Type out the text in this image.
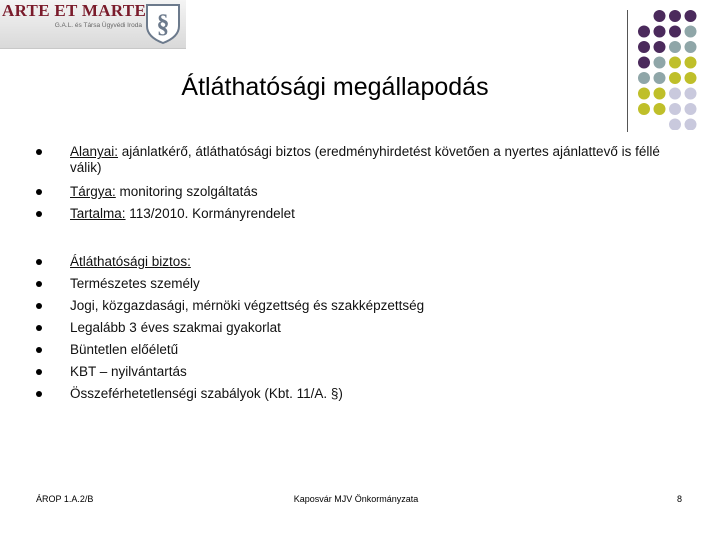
ARTE ET MARTE
G.A.L. és Társa Ügyvédi Iroda §
Átláthatósági megállapodás
Alanyai: ajánlatkérő, átláthatósági biztos (eredményhirdetést követően a nyertes ajánlattevő is féllé válik)
Tárgya: monitoring szolgáltatás
Tartalma: 113/2010. Kormányrendelet
Átláthatósági biztos:
Természetes személy
Jogi, közgazdasági, mérnöki végzettség és szakképzettség
Legalább 3 éves szakmai gyakorlat
Büntetlen előéletű
KBT – nyilvántartás
Összeférhetetlenségi szabályok (Kbt. 11/A. §)
ÁROP 1.A.2/B	Kaposvár MJV Önkormányzata	8
